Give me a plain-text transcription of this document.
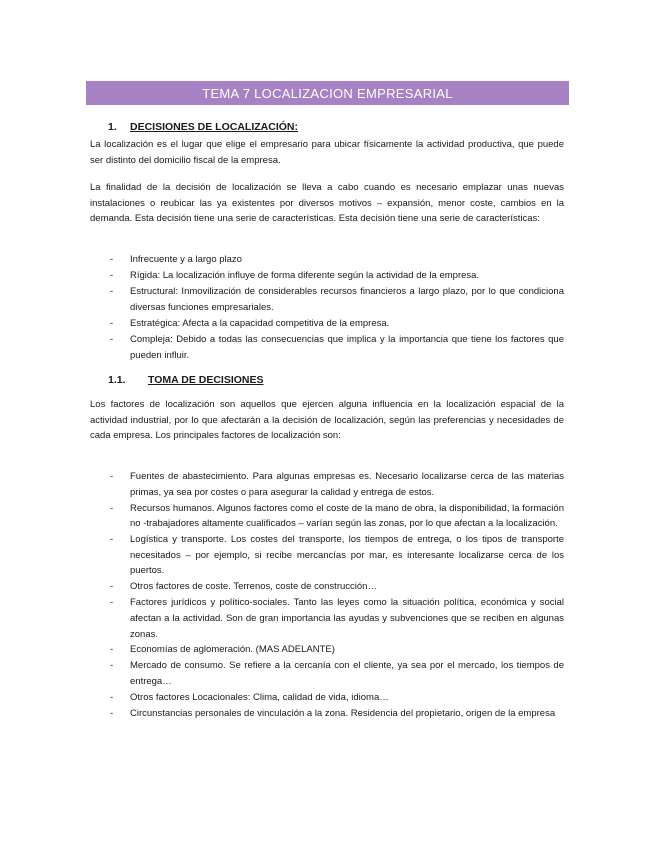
TEMA 7 LOCALIZACION EMPRESARIAL
1. DECISIONES DE LOCALIZACIÓN:

La localización es el lugar que elige el empresario para ubicar físicamente la actividad productiva, que puede ser distinto del domicilio fiscal de la empresa.

La finalidad de la decisión de localización se lleva a cabo cuando es necesario emplazar unas nuevas instalaciones o reubicar las ya existentes por diversos motivos – expansión, menor coste, cambios en la demanda. Esta decisión tiene una serie de características. Esta decisión tiene una serie de características:

- Infrecuente y a largo plazo
- Rígida: La localización influye de forma diferente según la actividad de la empresa.
- Estructural: Inmovilización de considerables recursos financieros a largo plazo, por lo que condiciona diversas funciones empresariales.
- Estratégica: Afecta a la capacidad competitiva de la empresa.
- Compleja: Debido a todas las consecuencias que implica y la importancia que tiene los factores que pueden influir.
1.1. TOMA DE DECISIONES

Los factores de localización son aquellos que ejercen alguna influencia en la localización espacial de la actividad industrial, por lo que afectarán a la decisión de localización, según las preferencias y necesidades de cada empresa. Los principales factores de localización son:

- Fuentes de abastecimiento. Para algunas empresas es. Necesario localizarse cerca de las materias primas, ya sea por costes o para asegurar la calidad y entrega de estos.
- Recursos humanos. Algunos factores como el coste de la mano de obra, la disponibilidad, la formación no -trabajadores altamente cualificados – varían según las zonas, por lo que afectan a la localización.
- Logística y transporte. Los costes del transporte, los tiempos de entrega, o los tipos de transporte necesitados – por ejemplo, si recibe mercancías por mar, es interesante localizarse cerca de los puertos.
- Otros factores de coste. Terrenos, coste de construcción…
- Factores jurídicos y político-sociales. Tanto las leyes como la situación política, económica y social afectan a la actividad. Son de gran importancia las ayudas y subvenciones que se reciben en algunas zonas.
- Economías de aglomeración. (MAS ADELANTE)
- Mercado de consumo. Se refiere a la cercanía con el cliente, ya sea por el mercado, los tiempos de entrega…
- Otros factores Locacionales: Clima, calidad de vida, idioma…
- Circunstancias personales de vinculación a la zona. Residencia del propietario, origen de la empresa
